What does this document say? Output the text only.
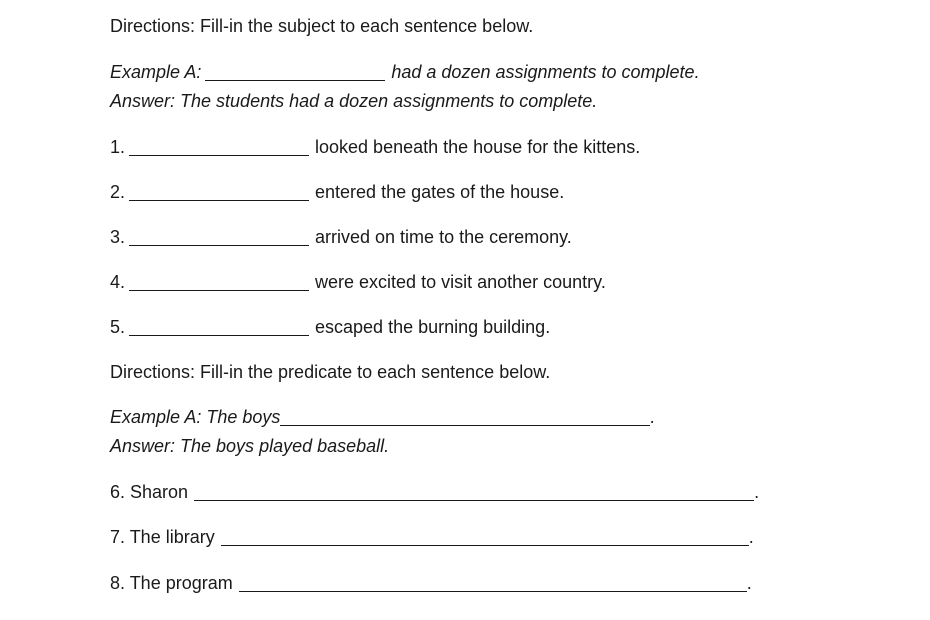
Directions: Fill-in the subject to each sentence below.
Example A:	had a dozen assignments to complete.
Answer: The students had a dozen assignments to complete.
1.	looked beneath the house for the kittens.
2.	entered the gates of the house.
3.	arrived on time to the ceremony.
4.	were excited to visit another country.
5.	escaped the burning building.
Directions: Fill-in the predicate to each sentence below.
Example A: The boys	.
Answer: The boys played baseball.
6. Sharon	.
7. The library	.
8. The program	.
